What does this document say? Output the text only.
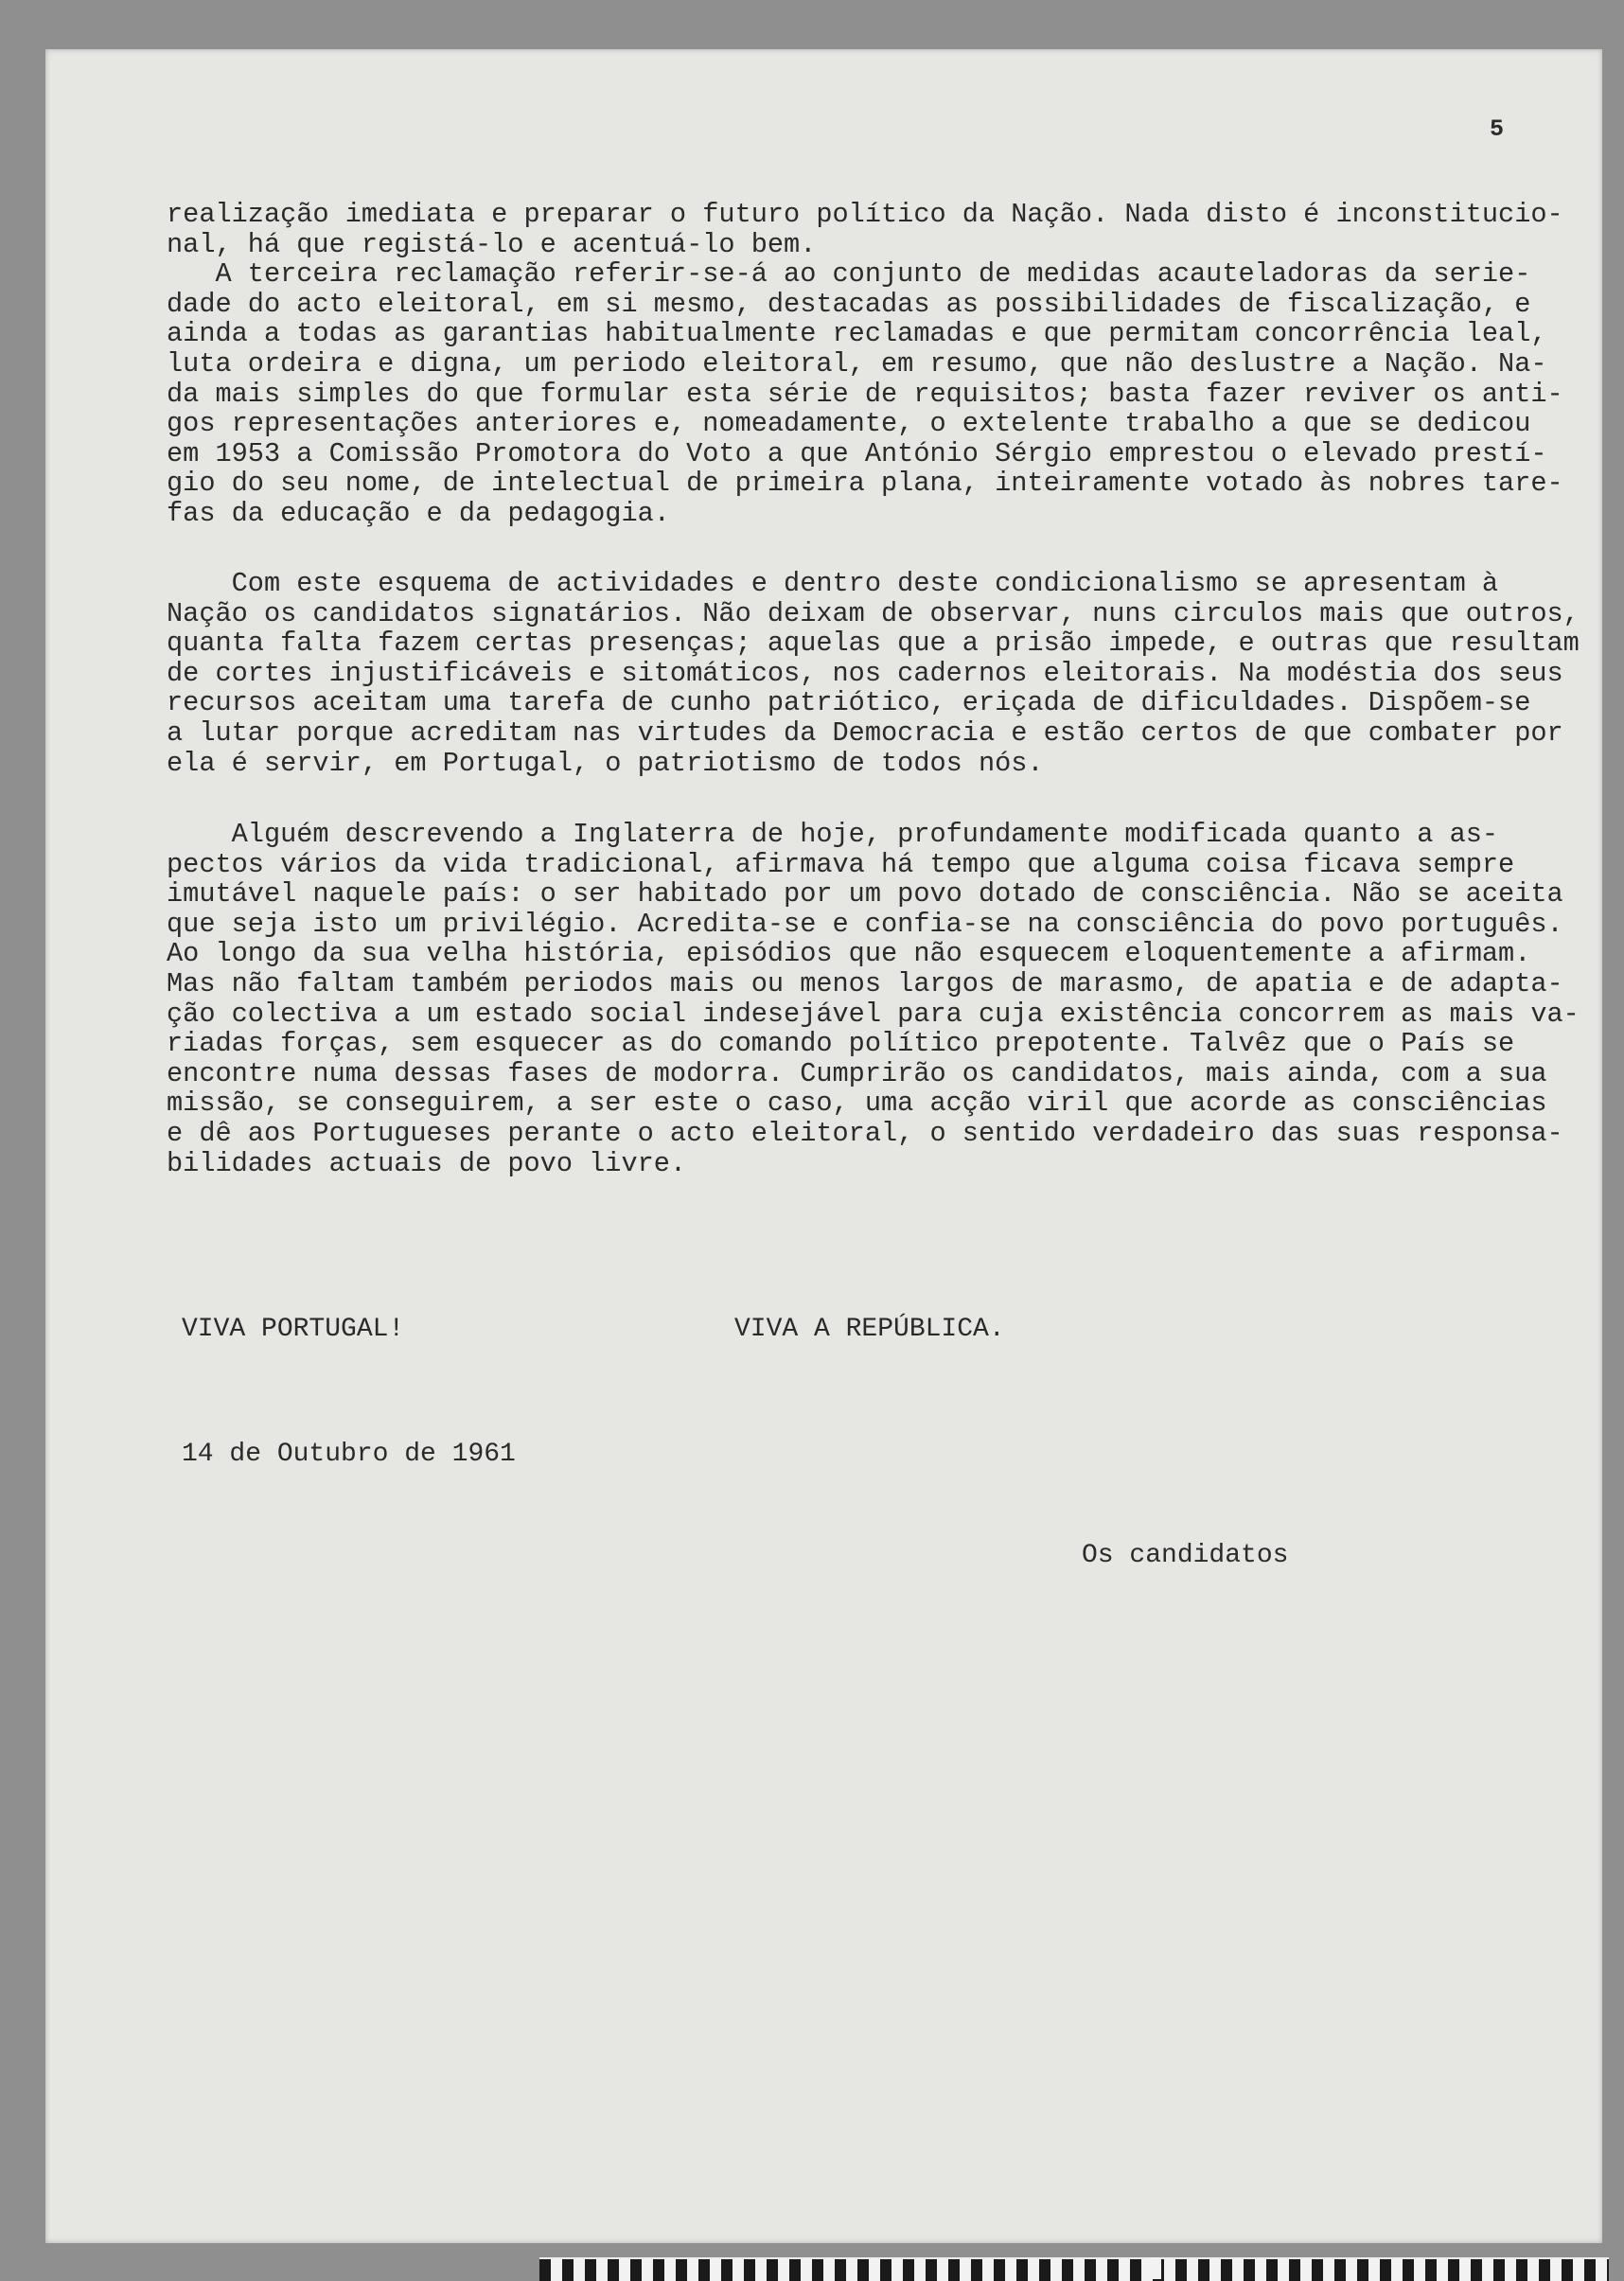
5
realização imediata e preparar o futuro político da Nação. Nada disto é inconstitucio-
nal, há que registá-lo e acentuá-lo bem.
A terceira reclamação referir-se-á ao conjunto de medidas acauteladoras da serie-
dade do acto eleitoral, em si mesmo, destacadas as possibilidades de fiscalização, e
ainda a todas as garantias habitualmente reclamadas e que permitam concorrência leal,
luta ordeira e digna, um periodo eleitoral, em resumo, que não deslustre a Nação. Na-
da mais simples do que formular esta série de requisitos; basta fazer reviver os anti-
gos representações anteriores e, nomeadamente, o extelente trabalho a que se dedicou
em 1953 a Comissão Promotora do Voto a que António Sérgio emprestou o elevado prestí-
gio do seu nome, de intelectual de primeira plana, inteiramente votado às nobres tare-
fas da educação e da pedagogia.
Com este esquema de actividades e dentro deste condicionalismo se apresentam à
Nação os candidatos signatários. Não deixam de observar, nuns circulos mais que outros,
quanta falta fazem certas presenças; aquelas que a prisão impede, e outras que resultam
de cortes injustificáveis e sitomáticos, nos cadernos eleitorais. Na modéstia dos seus
recursos aceitam uma tarefa de cunho patriótico, eriçada de dificuldades. Dispõem-se
a lutar porque acreditam nas virtudes da Democracia e estão certos de que combater por
ela é servir, em Portugal, o patriotismo de todos nós.
Alguém descrevendo a Inglaterra de hoje, profundamente modificada quanto a as-
pectos vários da vida tradicional, afirmava há tempo que alguma coisa ficava sempre
imutável naquele país: o ser habitado por um povo dotado de consciência. Não se aceita
que seja isto um privilégio. Acredita-se e confia-se na consciência do povo português.
Ao longo da sua velha história, episódios que não esquecem eloquentemente a afirmam.
Mas não faltam também periodos mais ou menos largos de marasmo, de apatia e de adapta-
ção colectiva a um estado social indesejável para cuja existência concorrem as mais va-
riadas forças, sem esquecer as do comando político prepotente. Talvêz que o País se
encontre numa dessas fases de modorra. Cumprirão os candidatos, mais ainda, com a sua
missão, se conseguirem, a ser este o caso, uma acção viril que acorde as consciências
e dê aos Portugueses perante o acto eleitoral, o sentido verdadeiro das suas responsa-
bilidades actuais de povo livre.
VIVA PORTUGAL!	VIVA A REPÚBLICA.
14 de Outubro de 1961
Os candidatos
